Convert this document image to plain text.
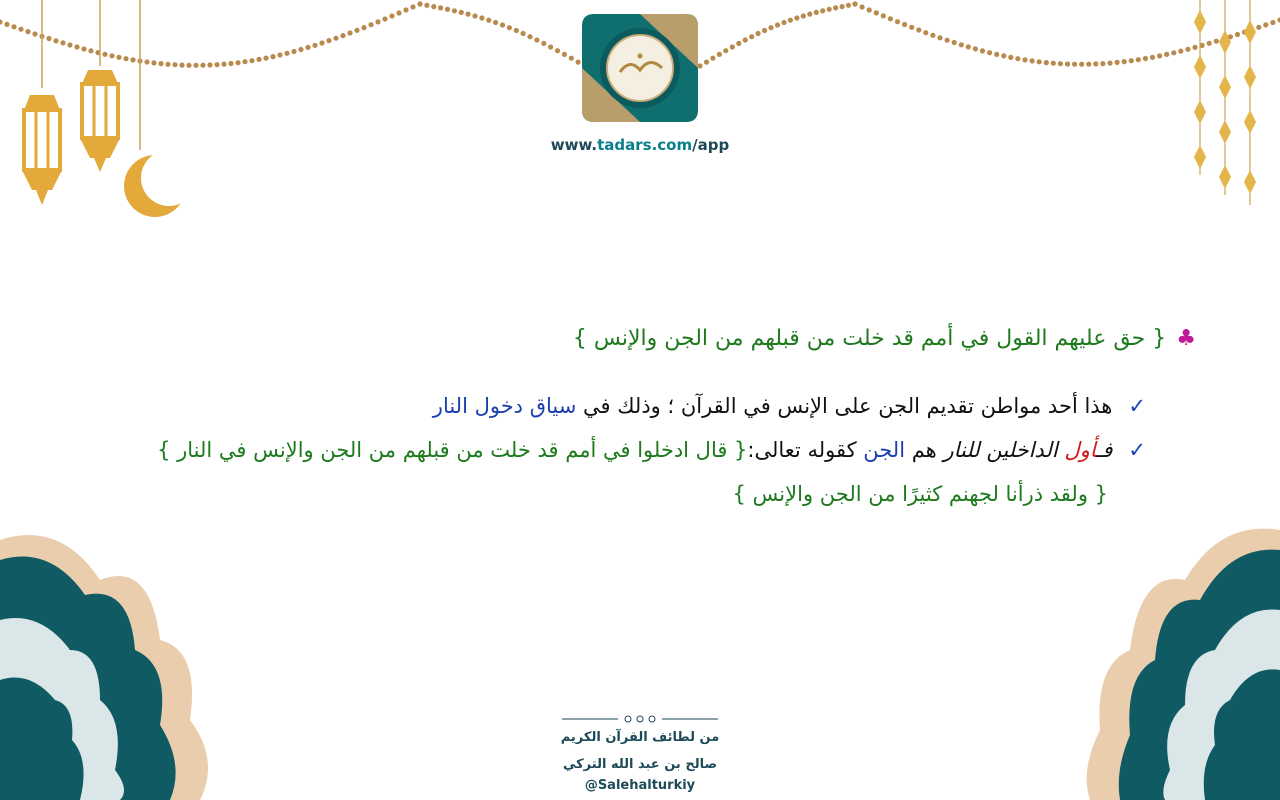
www.tadars.com/app
♣{ حق عليهم القول في أمم قد خلت من قبلهم من الجن والإنس }
✓هذا أحد مواطن تقديم الجن على الإنس في القرآن ؛ وذلك في سياق دخول النار
✓فـأول الداخلين للنار هم الجن كقوله تعالى:{ قال ادخلوا في أمم قد خلت من قبلهم من الجن والإنس في النار }
{ ولقد ذرأنا لجهنم كثيرًا من الجن والإنس }
من لطائف القرآن الكريم
صالح بن عبد الله التركي
@Salehalturkiy
